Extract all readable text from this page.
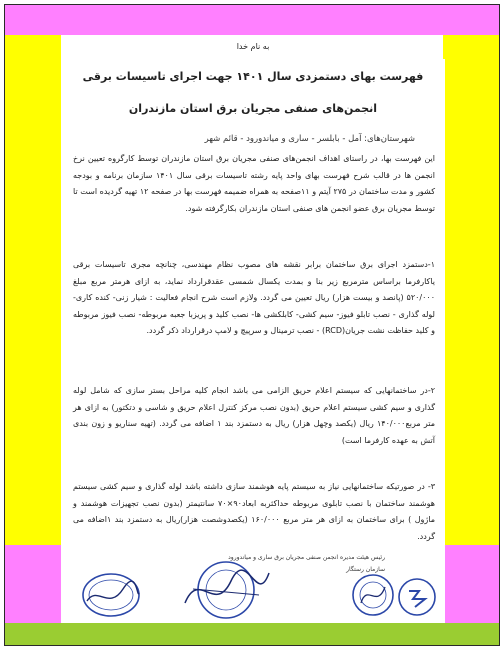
به نام خدا
فهرست بهای دستمزدی سال ۱۴۰۱ جهت اجرای تاسیسات برقی
انجمن‌های صنفی مجریان برق استان مازندران
شهرستان‌های: آمل - بابلسر - ساری و میاندورود - قائم شهر

این فهرست بها، در راستای اهداف انجمن‌های صنفی مجریان برق استان مازندران توسط کارگروه تعیین نرخ انجمن ها در قالب شرح فهرست بهای واحد پایه رشته تاسیسات برقی سال ۱۴۰۱ سازمان برنامه و بودجه کشور و مدت ساختمان در ۲۷۵ آیتم و ۱۱صفحه به همراه ضمیمه فهرست بها در صفحه ۱۲ تهیه گردیده است تا توسط مجریان برق عضو انجمن های صنفی استان مازندران بکارگرفته شود.

۱-دستمزد اجرای برق ساختمان برابر نقشه های مصوب نظام مهندسی، چنانچه مجری تاسیسات برقی یاکارفرما براساس مترمربع زیر بنا و بمدت یکسال شمسی عقدقرارداد نماید، به ازای هرمتر مربع مبلغ ۵۲۰/۰۰۰ (پانصد و بیست هزار) ریال تعیین می گردد. ولازم است شرح انجام فعالیت : شیار زنی- کنده کاری-لوله گذاری - نصب تابلو فیوز- سیم کشی- کابلکشی ها- نصب کلید و پریزبا جعبه مربوطه- نصب فیوز مربوطه و کلید حفاظت نشت جریان(RCD) - نصب ترمینال و سرپیچ و لامپ درقرارداد ذکر گردد.

۲-در ساختمانهایی که سیستم اعلام حریق الزامی می باشد انجام کلیه مراحل بستر سازی که شامل لوله گذاری و سیم کشی سیستم اعلام حریق (بدون نصب مرکز کنترل اعلام حریق و شاسی و دتکتور) به ازای هر متر مربع۱۴۰/۰۰۰ ریال (یکصد وچهل هزار) ریال به دستمزد بند ۱ اضافه می گردد. (تهیه سناریو و زون بندی آتش به عهده کارفرما است)

۳- در صورتیکه ساختمانهایی نیاز به سیستم پایه هوشمند سازی داشته باشد لوله گذاری و سیم کشی سیستم هوشمند ساختمان با نصب تابلوی مربوطه حداکثربه ابعاد۹۰×۷۰ سانتیمتر (بدون نصب تجهیزات هوشمند و ماژول ) برای ساختمان به ازای هر متر مربع ۱۶۰/۰۰۰ (یکصدوشصت هزار)ریال به دستمزد بند ۱اضافه می گردد.

رئیس هیئت مدیره انجمن صنفی مجریان برق ساری و میاندورود
سازمان رستگار
